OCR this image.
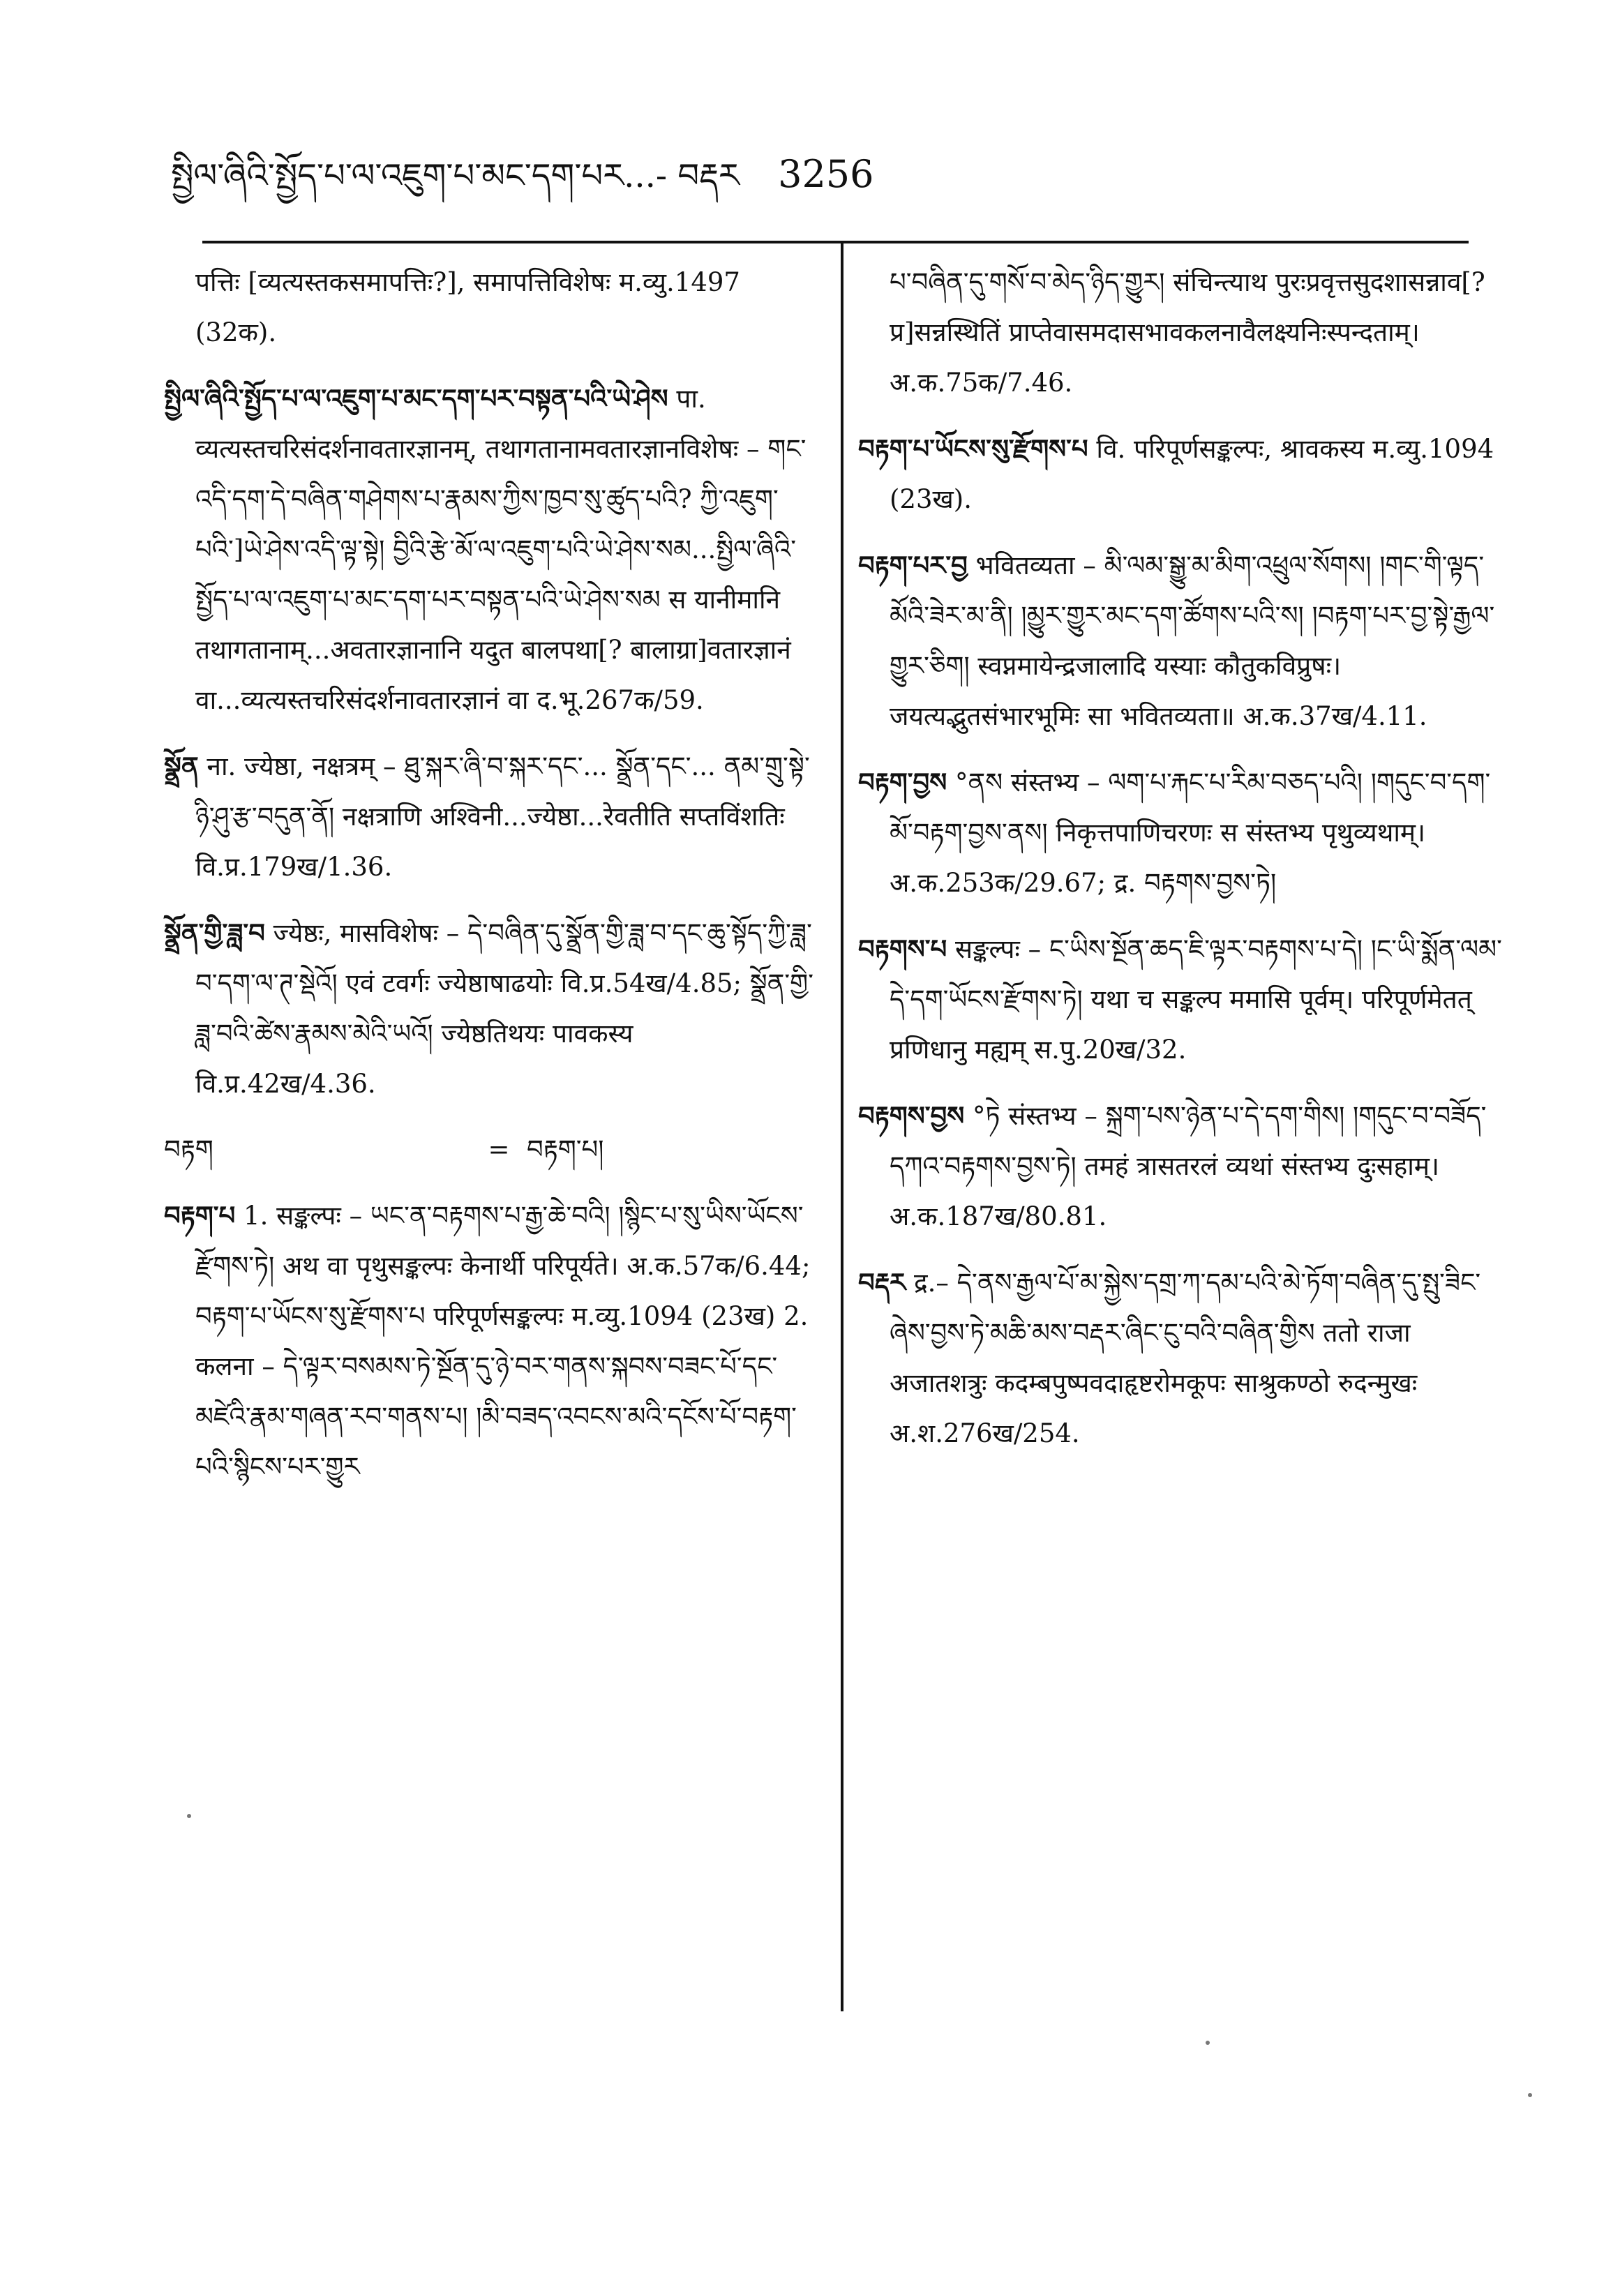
སྤྱིལ་ཞིའི་སྤྱོད་པ་ལ་འཇུག་པ་མང་དག་པར...- བརྡར 3256
पत्तिः [व्यत्यस्तकसमापत्तिः?], समापत्तिविशेषः म.व्यु.1497 (32क).
སྤྱིལ་ཞིའི་སྤྱོད་པ་ལ་འཇུག་པ་མང་དག་པར་བསྟན་པའི་ཡེ་ཤེས पा. व्यत्यस्तचरिसंदर्शनावतारज्ञानम्, तथागतानामवतारज्ञानविशेषः – གང་འདི་དག་དེ་བཞིན་གཤེགས་པ་རྣམས་ཀྱིས་ཁྱབ་སུ་ཚུད་པའི? ཀྱི་འཇུག་པའི་]ཡེ་ཤེས་འདི་ལྟ་སྟེ། བྱིའི་རྩེ་མོ་ལ་འཇུག་པའི་ཡེ་ཤེས་སམ...སྤྱིལ་ཞིའི་སྤྱོད་པ་ལ་འཇུག་པ་མང་དག་པར་བསྟན་པའི་ཡེ་ཤེས་སམ स यानीमानि तथागतानाम्...अवतारज्ञानानि यदुत बालपथा[? बालाग्रा]वतारज्ञानं वा...व्यत्यस्तचरिसंदर्शनावतारज्ञानं वा द.भू.267क/59.
སྣྲོན ना. ज्येष्ठा, नक्षत्रम् – ཐུ་སྐར་ཞི་བ་སྐར་དང་... སྣྲོན་དང་... ནམ་གྲུ་སྟེ་ཉི་ཤུ་རྩ་བདུན་ནོ། नक्षत्राणि अश्विनी...ज्येष्ठा...रेवतीति सप्तविंशतिः वि.प्र.179ख/1.36.
སྣྲོན་གྱི་ཟླ་བ ज्येष्ठः, मासविशेषः – དེ་བཞིན་དུ་སྣྲོན་གྱི་ཟླ་བ་དང་ཆུ་སྟོད་ཀྱི་ཟླ་བ་དག་ལ་ཊ་སྡེའོ། एवं टवर्गः ज्येष्ठाषाढयोः वि.प्र.54ख/4.85; སྣྲོན་གྱི་ཟླ་བའི་ཚེས་རྣམས་མེའི་ཡའོ། ज्येष्ठतिथयः पावकस्य वि.प्र.42ख/4.36.
བརྟག	= བརྟག་པ།
བརྟག་པ 1. सङ्कल्पः – ཡང་ན་བརྟགས་པ་རྒྱ་ཆེ་བའི། །སྙིང་པ་སུ་ཡིས་ཡོངས་རྫོགས་ཏེ། अथ वा पृथुसङ्कल्पः केनार्थी परिपूर्यते। अ.क.57क/6.44; བརྟག་པ་ཡོངས་སུ་རྫོགས་པ परिपूर्णसङ्कल्पः म.व्यु.1094 (23ख) 2. कलना – དེ་ལྟར་བསམས་ཏེ་སྔོན་དུ་ཉེ་བར་གནས་སྐབས་བཟང་པོ་དང་མཛེའི་རྣམ་གཞན་རབ་གནས་པ། །མི་བཟད་འབངས་མའི་དངོས་པོ་བརྟག་པའི་སྙིངས་པར་གྱུར
པ་བཞིན་དུ་གསོ་བ་མེད་ཉིད་གྱུར། संचिन्त्याथ पुरःप्रवृत्तसुदशासन्नाव[? प्र]सन्नस्थितिं प्राप्तेवासमदासभावकलनावैलक्ष्यनिःस्पन्दताम्। अ.क.75क/7.46.
བརྟག་པ་ཡོངས་སུ་རྫོགས་པ वि. परिपूर्णसङ्कल्पः, श्रावकस्य म.व्यु.1094 (23ख).
བརྟག་པར་བྱ भवितव्यता – མི་ལམ་སྒྱུ་མ་མིག་འཕྲུལ་སོགས། །གང་གི་ལྟད་མོའི་ཟེར་མ་ནི། །མྱུར་གྱུར་མང་དག་ཚོགས་པའི་ས། །བརྟག་པར་བྱ་སྟེ་རྒྱལ་གྱུར་ཅིག། स्वप्नमायेन्द्रजालादि यस्याः कौतुकविप्रुषः। जयत्यद्भुतसंभारभूमिः सा भवितव्यता॥ अ.क.37ख/4.11.
བརྟག་བྱས °ནས संस्तभ्य – ལག་པ་རྐང་པ་རིམ་བཅད་པའི། །གདུང་བ་དག་མོ་བརྟག་བྱས་ནས། निकृत्तपाणिचरणः स संस्तभ्य पृथुव्यथाम्। अ.क.253क/29.67; द्र. བརྟགས་བྱས་ཏེ།
བརྟགས་པ सङ्कल्पः – ང་ཡིས་སྔོན་ཆད་ཇི་ལྟར་བརྟགས་པ་དེ། །ང་ཡི་སྨོན་ལམ་དེ་དག་ཡོངས་རྫོགས་ཏེ། यथा च सङ्कल्प ममासि पूर्वम्। परिपूर्णमेतत् प्रणिधानु मह्यम् स.पु.20ख/32.
བརྟགས་བྱས °ཏེ संस्तभ्य – སྐྲག་པས་ཉེན་པ་དེ་དག་གིས། །གདུང་བ་བཟོད་དཀའ་བརྟགས་བྱས་ཏེ། तमहं त्रासतरलं व्यथां संस्तभ्य दुःसहाम्। अ.क.187ख/80.81.
བརྡར द्र.– དེ་ནས་རྒྱལ་པོ་མ་སྐྱེས་དགྲ་ཀ་དམ་པའི་མེ་ཏོག་བཞིན་དུ་སྤུ་ཟིང་ཞེས་བྱས་ཏེ་མཆི་མས་བརྡར་ཞིང་ངུ་བའི་བཞིན་གྱིས ततो राजा अजातशत्रुः कदम्बपुष्पवदाहृष्टरोमकूपः साश्रुकण्ठो रुदन्मुखः अ.श.276ख/254.
